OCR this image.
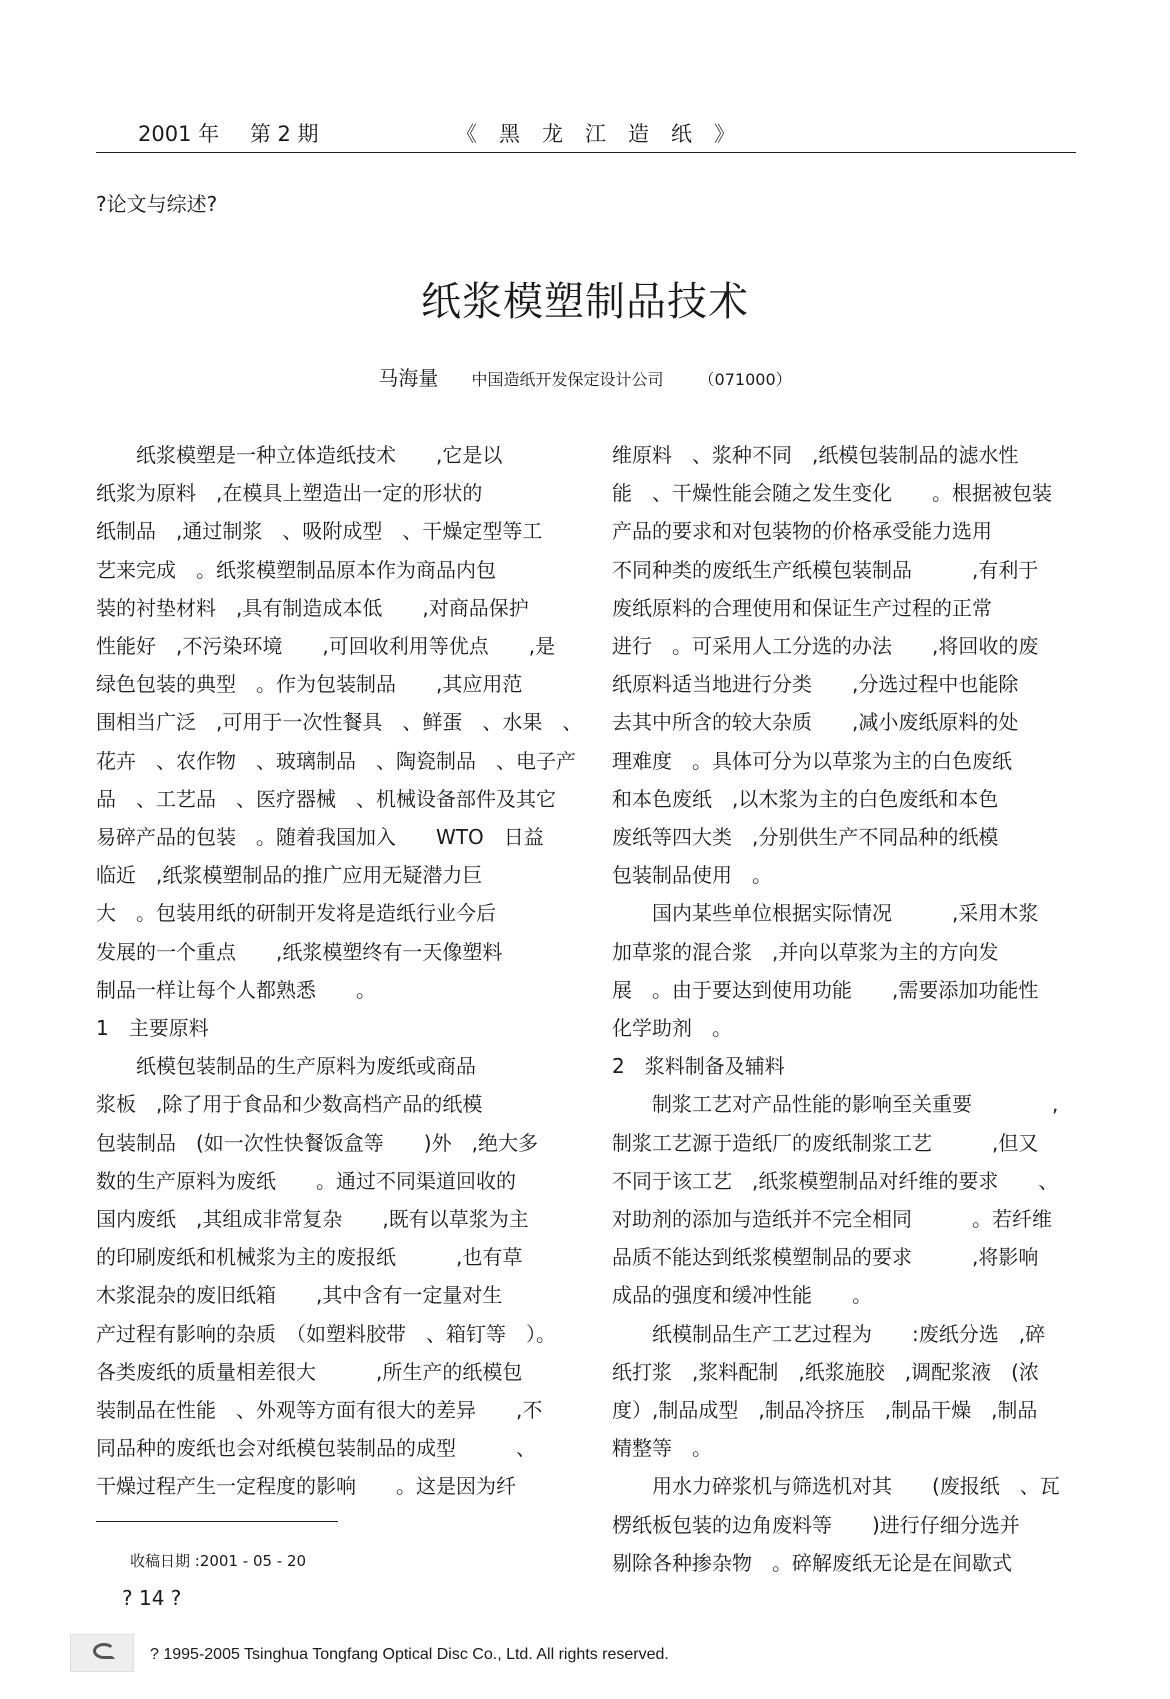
2001 年 第 2 期	《黑龙江造纸》
?论文与综述?
纸浆模塑制品技术
马海量 中国造纸开发保定设计公司 （071000）

　　纸浆模塑是一种立体造纸技术　　,它是以

纸浆为原料　,在模具上塑造出一定的形状的

纸制品　,通过制浆　、吸附成型　、干燥定型等工

艺来完成　。纸浆模塑制品原本作为商品内包

装的衬垫材料　,具有制造成本低　　,对商品保护

性能好　,不污染环境　　,可回收利用等优点　　,是

绿色包装的典型　。作为包装制品　　,其应用范

围相当广泛　,可用于一次性餐具　、鲜蛋　、水果　、

花卉　、农作物　、玻璃制品　、陶瓷制品　、电子产

品　、工艺品　、医疗器械　、机械设备部件及其它

易碎产品的包装　。随着我国加入　　WTO　日益

临近　,纸浆模塑制品的推广应用无疑潜力巨

大　。包装用纸的研制开发将是造纸行业今后

发展的一个重点　　,纸浆模塑终有一天像塑料

制品一样让每个人都熟悉　　。

1　主要原料

　　纸模包装制品的生产原料为废纸或商品

浆板　,除了用于食品和少数高档产品的纸模

包装制品　(如一次性快餐饭盒等　　)外　,绝大多

数的生产原料为废纸　　。通过不同渠道回收的

国内废纸　,其组成非常复杂　　,既有以草浆为主

的印刷废纸和机械浆为主的废报纸　　　,也有草

木浆混杂的废旧纸箱　　,其中含有一定量对生

产过程有影响的杂质　（如塑料胶带　、箱钉等　）。

各类废纸的质量相差很大　　　,所生产的纸模包

装制品在性能　、外观等方面有很大的差异　　,不

同品种的废纸也会对纸模包装制品的成型　　　、

干燥过程产生一定程度的影响　　。这是因为纤

维原料　、浆种不同　,纸模包装制品的滤水性

能　、干燥性能会随之发生变化　　。根据被包装

产品的要求和对包装物的价格承受能力选用

不同种类的废纸生产纸模包装制品　　　,有利于

废纸原料的合理使用和保证生产过程的正常

进行　。可采用人工分选的办法　　,将回收的废

纸原料适当地进行分类　　,分选过程中也能除

去其中所含的较大杂质　　,减小废纸原料的处

理难度　。具体可分为以草浆为主的白色废纸

和本色废纸　,以木浆为主的白色废纸和本色

废纸等四大类　,分别供生产不同品种的纸模

包装制品使用　。

　　国内某些单位根据实际情况　　　,采用木浆

加草浆的混合浆　,并向以草浆为主的方向发

展　。由于要达到使用功能　　,需要添加功能性

化学助剂　。

2　浆料制备及辅料

　　制浆工艺对产品性能的影响至关重要　　　　,

制浆工艺源于造纸厂的废纸制浆工艺　　　,但又

不同于该工艺　,纸浆模塑制品对纤维的要求　　、

对助剂的添加与造纸并不完全相同　　　。若纤维

品质不能达到纸浆模塑制品的要求　　　,将影响

成品的强度和缓冲性能　　。

　　纸模制品生产工艺过程为　　:废纸分选　,碎

纸打浆　,浆料配制　,纸浆施胶　,调配浆液　(浓

度）,制品成型　,制品冷挤压　,制品干燥　,制品

精整等　。

　　用水力碎浆机与筛选机对其　　(废报纸　、瓦

楞纸板包装的边角废料等　　)进行仔细分选并

剔除各种掺杂物　。碎解废纸无论是在间歇式

收稿日期 :2001 - 05 - 20
? 14 ?
? 1995-2005 Tsinghua Tongfang Optical Disc Co., Ltd. All rights reserved.
